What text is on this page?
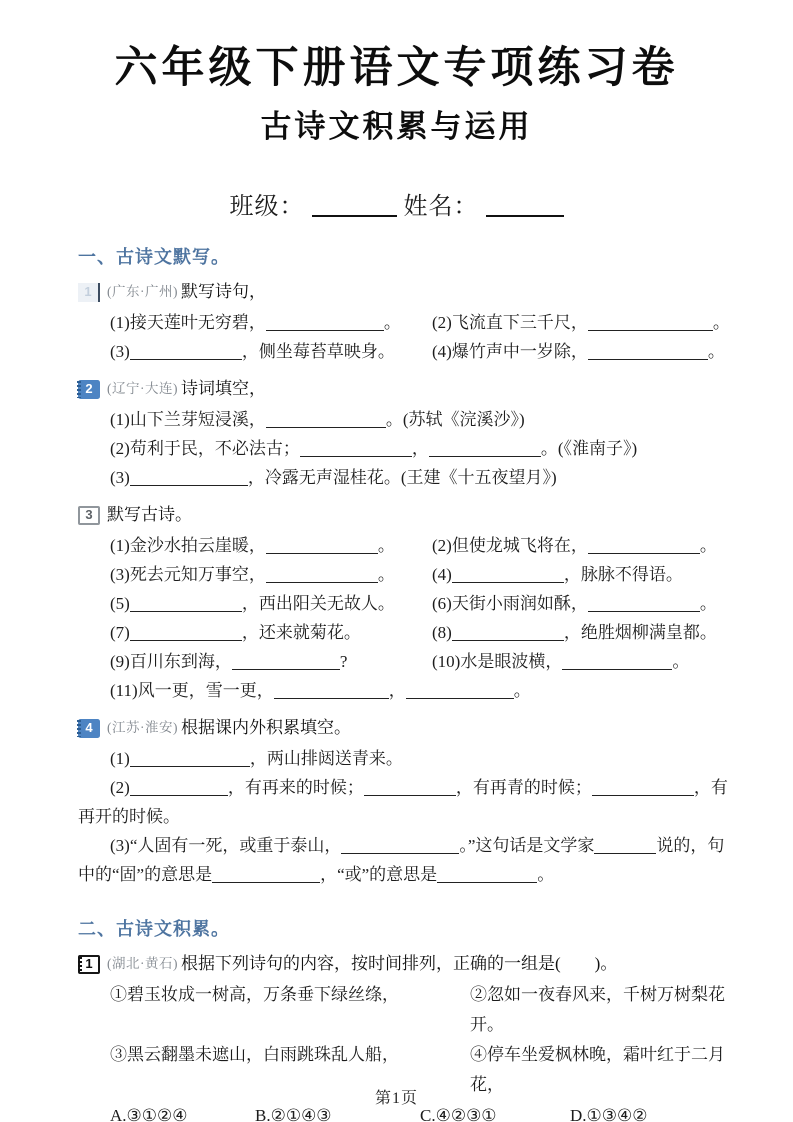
六年级下册语文专项练习卷
古诗文积累与运用
班级：	姓名：
一、古诗文默写。
1	(广东·广州) 默写诗句，
(1)接天莲叶无穷碧，	。	(2)飞流直下三千尺，	。
(3)	，侧坐莓苔草映身。	(4)爆竹声中一岁除，	。
2	(辽宁·大连) 诗词填空，
(1)山下兰芽短浸溪，	。(苏轼《浣溪沙》)
(2)苟利于民，不必法古；	，	。(《淮南子》)
(3)	，冷露无声湿桂花。(王建《十五夜望月》)
3 默写古诗。
(1)金沙水拍云崖暖，	。	(2)但使龙城飞将在，	。
(3)死去元知万事空，	。	(4)	，脉脉不得语。
(5)	，西出阳关无故人。	(6)天街小雨润如酥，	。
(7)	，还来就菊花。	(8)	，绝胜烟柳满皇都。
(9)百川东到海，	?	(10)水是眼波横，	。
(11)风一更，雪一更，	，	。
4	(江苏·淮安) 根据课内外积累填空。
(1)	，两山排闼送青来。
(2)	，有再来的时候；	，有再青的时候；	，有
再开的时候。
(3)“人固有一死，或重于泰山，	。”这句话是文学家	说的，句
中的“固”的意思是	，“或”的意思是	。
二、古诗文积累。
1	(湖北·黄石) 根据下列诗句的内容，按时间排列，正确的一组是(　　)。
①碧玉妆成一树高，万条垂下绿丝绦，	②忽如一夜春风来，千树万树梨花开。
③黑云翻墨未遮山，白雨跳珠乱人船，	④停车坐爱枫林晚，霜叶红于二月花，
A.③①②④	B.②①④③	C.④②③①	D.①③④②
第1页
